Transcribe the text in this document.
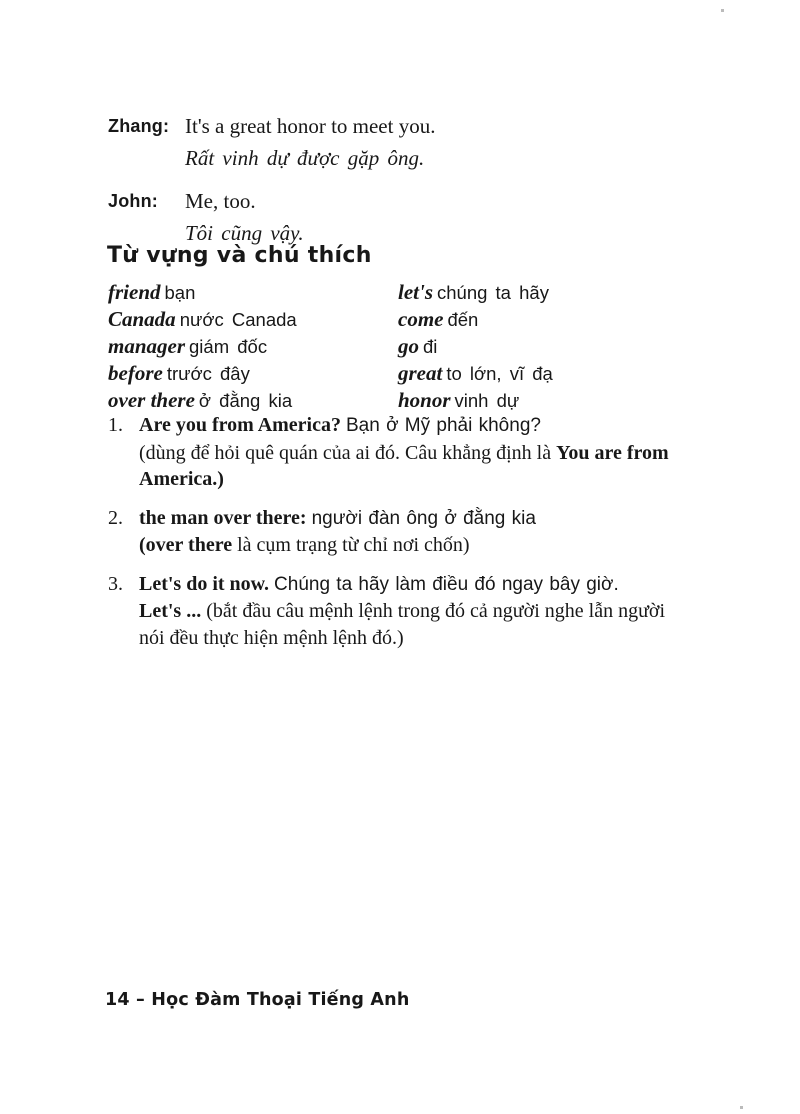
Zhang: It's a great honor to meet you.
Rất vinh dự được gặp ông.
John:	Me, too.
Tôi cũng vậy.
Từ vựng và chú thích
friend bạn
Canada nước Canada
manager giám đốc
before trước đây
over there ở đằng kia
let's chúng ta hãy
come đến
go đi
great to lớn, vĩ đạ
honor vinh dự
1. Are you from America? Bạn ở Mỹ phải không?
(dùng để hỏi quê quán của ai đó. Câu khẳng định là You are from America.)
2. the man over there: người đàn ông ở đằng kia
(over there là cụm trạng từ chỉ nơi chốn)
3. Let's do it now. Chúng ta hãy làm điều đó ngay bây giờ.
Let's ... (bắt đầu câu mệnh lệnh trong đó cả người nghe lẫn người nói đều thực hiện mệnh lệnh đó.)
14 – Học Đàm Thoại Tiếng Anh
